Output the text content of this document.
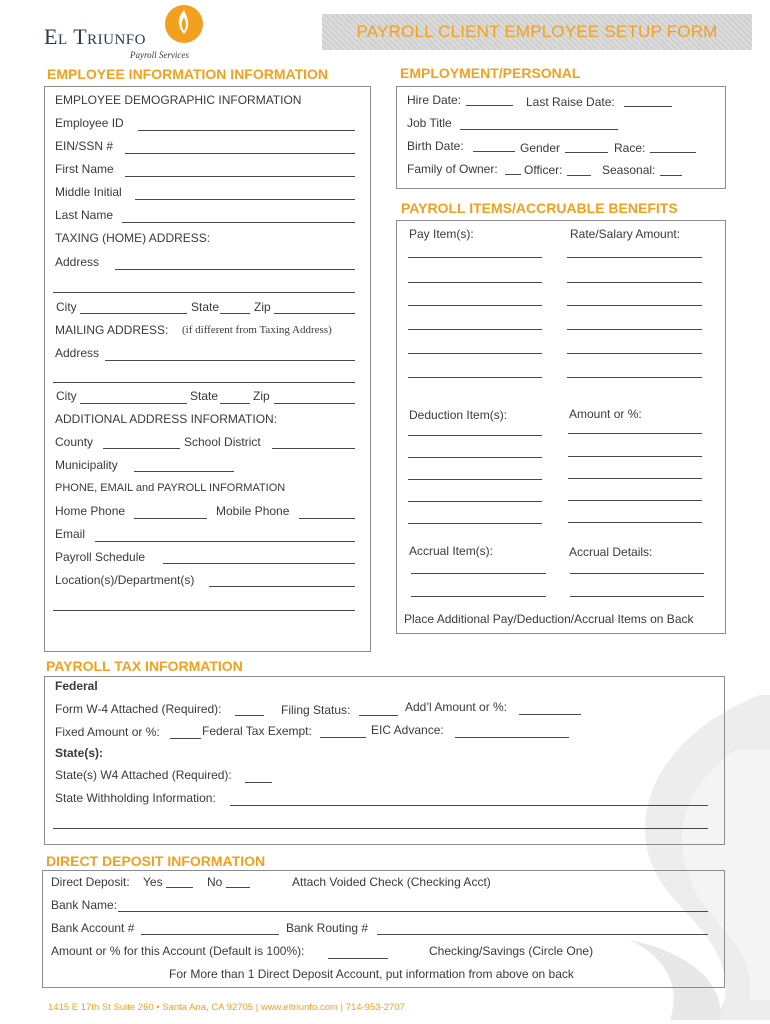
El Triunfo
Payroll Services
PAYROLL CLIENT EMPLOYEE SETUP FORM
EMPLOYEE INFORMATION INFORMATION
EMPLOYEE DEMOGRAPHIC INFORMATION
Employee ID
EIN/SSN #
First Name
Middle Initial
Last Name
TAXING (HOME) ADDRESS:
Address
City	State	Zip
MAILING ADDRESS: (if different from Taxing Address)
Address
City	State	Zip
ADDITIONAL ADDRESS INFORMATION:
County	School District
Municipality
PHONE, EMAIL and PAYROLL INFORMATION
Home Phone	Mobile Phone
Email
Payroll Schedule
Location(s)/Department(s)
EMPLOYMENT/PERSONAL
Hire Date:	Last Raise Date:
Job Title
Birth Date:	Gender	Race:
Family of Owner: Officer:	Seasonal:
PAYROLL ITEMS/ACCRUABLE BENEFITS
Pay Item(s):	Rate/Salary Amount:
Deduction Item(s):	Amount or %:
Accrual Item(s):	Accrual Details:
Place Additional Pay/Deduction/Accrual Items on Back
PAYROLL TAX INFORMATION
Federal
Form W-4 Attached (Required):	Filing Status:	Add’l Amount or %:
Fixed Amount or %:	Federal Tax Exempt:	EIC Advance:
State(s):
State(s) W4 Attached (Required):
State Withholding Information:
DIRECT DEPOSIT INFORMATION
Direct Deposit: Yes	No	Attach Voided Check (Checking Acct)
Bank Name:
Bank Account #	Bank Routing #
Amount or % for this Account (Default is 100%):	Checking/Savings (Circle One)
For More than 1 Direct Deposit Account, put information from above on back
1415 E 17th St Suite 260 • Santa Ana, CA 92705 | www.eltriunfo.com | 714-953-2707
